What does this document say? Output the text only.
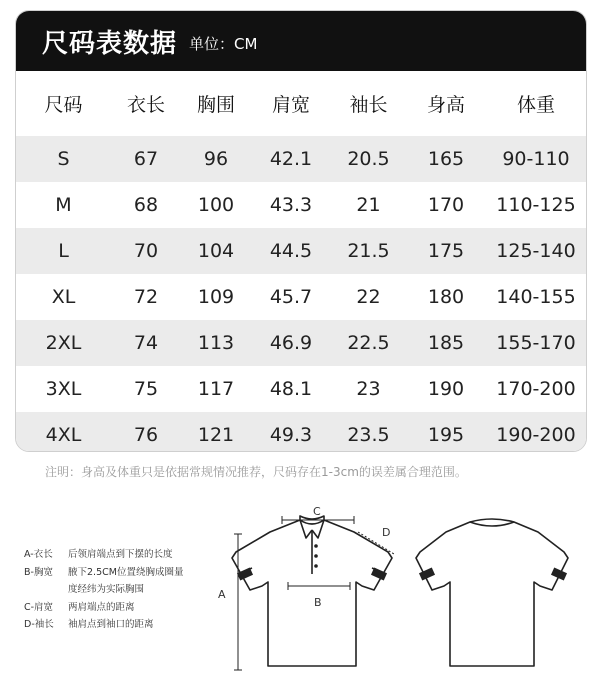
尺码表数据 单位：CM
尺码	衣长	胸围	肩宽	袖长	身高	体重
S	67	96	42.1	20.5	165	90-110
M	68	100	43.3	21	170	110-125
L	70	104	44.5	21.5	175	125-140
XL	72	109	45.7	22	180	140-155
2XL	74	113	46.9	22.5	185	155-170
3XL	75	117	48.1	23	190	170-200
4XL	76	121	49.3	23.5	195	190-200
注明：身高及体重只是依据常规情况推荐，尺码存在1-3cm的误差属合理范围。
A-衣长	后领肩端点到下摆的长度
B-胸宽	腋下2.5CM位置绕胸成圈量
度经纬为实际胸围
C-肩宽	两肩端点的距离
D-袖长	袖肩点到袖口的距离
C
B
A
D
